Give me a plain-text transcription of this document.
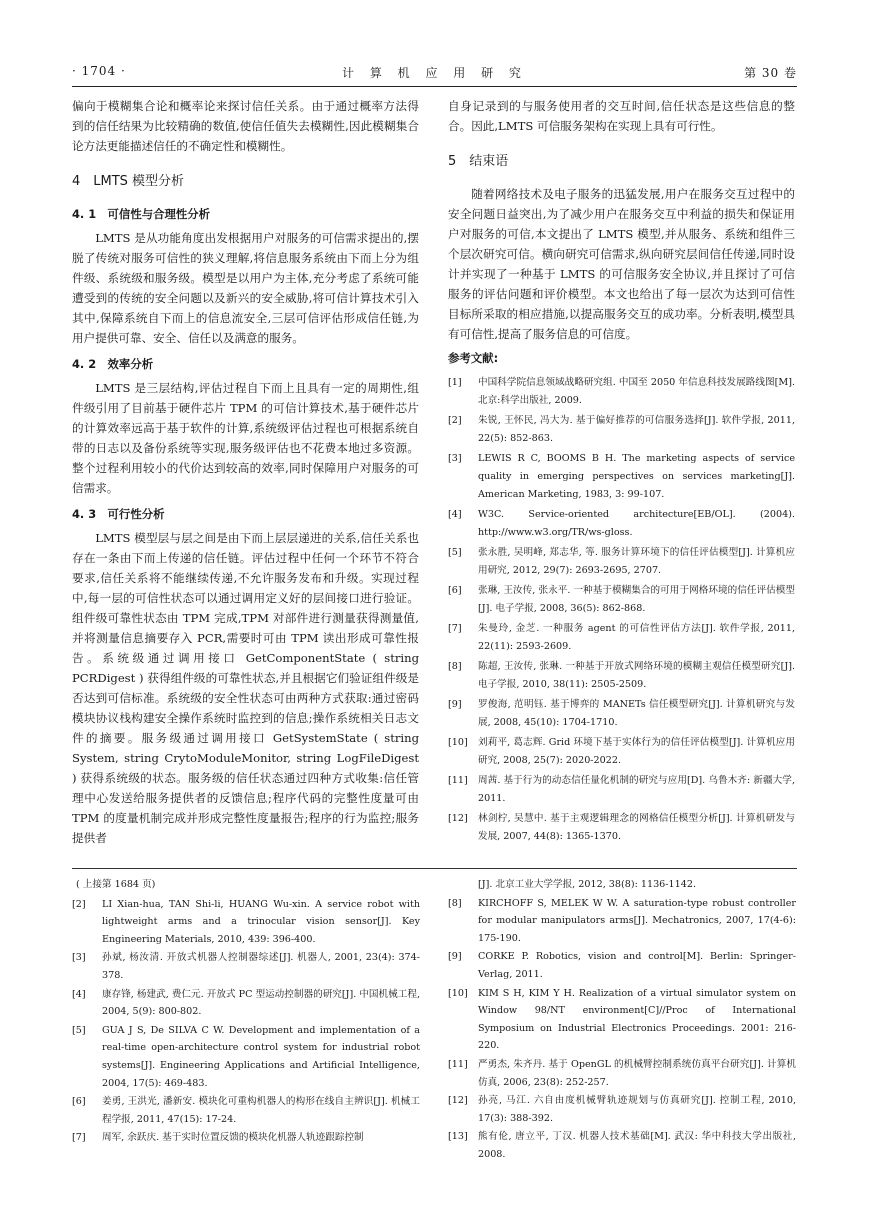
· 1704 ·	计 算 机 应 用 研 究	第 30 卷

偏向于模糊集合论和概率论来探讨信任关系。由于通过概率方法得到的信任结果为比较精确的数值,使信任值失去模糊性,因此模糊集合论方法更能描述信任的不确定性和模糊性。

4　LMTS 模型分析
4. 1　可信性与合理性分析

LMTS 是从功能角度出发根据用户对服务的可信需求提出的,摆脱了传统对服务可信性的狭义理解,将信息服务系统由下而上分为组件级、系统级和服务级。模型是以用户为主体,充分考虑了系统可能遭受到的传统的安全问题以及新兴的安全威胁,将可信计算技术引入其中,保障系统自下而上的信息流安全,三层可信评估形成信任链,为用户提供可靠、安全、信任以及满意的服务。

4. 2　效率分析

LMTS 是三层结构,评估过程自下而上且具有一定的周期性,组件级引用了目前基于硬件芯片 TPM 的可信计算技术,基于硬件芯片的计算效率远高于基于软件的计算,系统级评估过程也可根据系统自带的日志以及备份系统等实现,服务级评估也不花费本地过多资源。整个过程利用较小的代价达到较高的效率,同时保障用户对服务的可信需求。

4. 3　可行性分析

LMTS 模型层与层之间是由下而上层层递进的关系,信任关系也存在一条由下而上传递的信任链。评估过程中任何一个环节不符合要求,信任关系将不能继续传递,不允许服务发布和升级。实现过程中,每一层的可信性状态可以通过调用定义好的层间接口进行验证。组件级可靠性状态由 TPM 完成,TPM 对部件进行测量获得测量值,并将测量信息摘要存入 PCR,需要时可由 TPM 读出形成可靠性报告。系统级通过调用接口 GetComponentState ( string PCRDigest ) 获得组件级的可靠性状态,并且根据它们验证组件级是否达到可信标准。系统级的安全性状态可由两种方式获取:通过密码模块协议栈构建安全操作系统时监控到的信息;操作系统相关日志文件的摘要。服务级通过调用接口 GetSystemState ( string System, string CrytoModuleMonitor, string LogFileDigest ) 获得系统级的状态。服务级的信任状态通过四种方式收集:信任管理中心发送给服务提供者的反馈信息;程序代码的完整性度量可由 TPM 的度量机制完成并形成完整性度量报告;程序的行为监控;服务提供者

自身记录到的与服务使用者的交互时间,信任状态是这些信息的整合。因此,LMTS 可信服务架构在实现上具有可行性。

5　结束语

随着网络技术及电子服务的迅猛发展,用户在服务交互过程中的安全问题日益突出,为了减少用户在服务交互中利益的损失和保证用户对服务的可信,本文提出了 LMTS 模型,并从服务、系统和组件三个层次研究可信。横向研究可信需求,纵向研究层间信任传递,同时设计并实现了一种基于 LMTS 的可信服务安全协议,并且探讨了可信服务的评估问题和评价模型。本文也给出了每一层次为达到可信性目标所采取的相应措施,以提高服务交互的成功率。分析表明,模型具有可信性,提高了服务信息的可信度。

参考文献:
[1] 中国科学院信息领域战略研究组. 中国至 2050 年信息科技发展路线图[M]. 北京:科学出版社, 2009.
[2] 朱锐, 王怀民, 冯大为. 基于偏好推荐的可信服务选择[J]. 软件学报, 2011, 22(5): 852-863.
[3] LEWIS R C, BOOMS B H. The marketing aspects of service quality in emerging perspectives on services marketing[J]. American Marketing, 1983, 3: 99-107.
[4] W3C. Service-oriented architecture[EB/OL]. (2004). http://www.w3.org/TR/ws-gloss.
[5] 张永胜, 吴明峰, 郑志华, 等. 服务计算环境下的信任评估模型[J]. 计算机应用研究, 2012, 29(7): 2693-2695, 2707.
[6] 张琳, 王汝传, 张永平. 一种基于模糊集合的可用于网格环境的信任评估模型[J]. 电子学报, 2008, 36(5): 862-868.
[7] 朱曼玲, 金芝. 一种服务 agent 的可信性评估方法[J]. 软件学报, 2011, 22(11): 2593-2609.
[8] 陈超, 王汝传, 张琳. 一种基于开放式网络环境的模糊主观信任模型研究[J]. 电子学报, 2010, 38(11): 2505-2509.
[9] 罗俊海, 范明钰. 基于博弈的 MANETs 信任模型研究[J]. 计算机研究与发展, 2008, 45(10): 1704-1710.
[10] 刘莉平, 葛志辉. Grid 环境下基于实体行为的信任评估模型[J]. 计算机应用研究, 2008, 25(7): 2020-2022.
[11] 周茜. 基于行为的动态信任量化机制的研究与应用[D]. 乌鲁木齐: 新疆大学, 2011.
[12] 林剑柠, 吴慧中. 基于主观逻辑理念的网格信任模型分析[J]. 计算机研发与发展, 2007, 44(8): 1365-1370.
( 上接第 1684 页)
[2] LI Xian-hua, TAN Shi-li, HUANG Wu-xin. A service robot with lightweight arms and a trinocular vision sensor[J]. Key Engineering Materials, 2010, 439: 396-400.
[3] 孙斌, 杨汝清. 开放式机器人控制器综述[J]. 机器人, 2001, 23(4): 374-378.
[4] 康存锋, 杨建武, 费仁元. 开放式 PC 型运动控制器的研究[J]. 中国机械工程, 2004, 5(9): 800-802.
[5] GUA J S, De SILVA C W. Development and implementation of a real-time open-architecture control system for industrial robot systems[J]. Engineering Applications and Artificial Intelligence, 2004, 17(5): 469-483.
[6] 姜勇, 王洪光, 潘新安. 模块化可重构机器人的构形在线自主辨识[J]. 机械工程学报, 2011, 47(15): 17-24.
[7] 周军, 余跃庆. 基于实时位置反馈的模块化机器人轨迹跟踪控制
[J]. 北京工业大学学报, 2012, 38(8): 1136-1142.
[8] KIRCHOFF S, MELEK W W. A saturation-type robust controller for modular manipulators arms[J]. Mechatronics, 2007, 17(4-6): 175-190.
[9] CORKE P. Robotics, vision and control[M]. Berlin: Springer-Verlag, 2011.
[10] KIM S H, KIM Y H. Realization of a virtual simulator system on Window 98/NT environment[C]//Proc of International Symposium on Industrial Electronics Proceedings. 2001: 216-220.
[11] 严勇杰, 朱齐丹. 基于 OpenGL 的机械臂控制系统仿真平台研究[J]. 计算机仿真, 2006, 23(8): 252-257.
[12] 孙亮, 马江. 六自由度机械臂轨迹规划与仿真研究[J]. 控制工程, 2010, 17(3): 388-392.
[13] 熊有伦, 唐立平, 丁汉. 机器人技术基础[M]. 武汉: 华中科技大学出版社, 2008.
